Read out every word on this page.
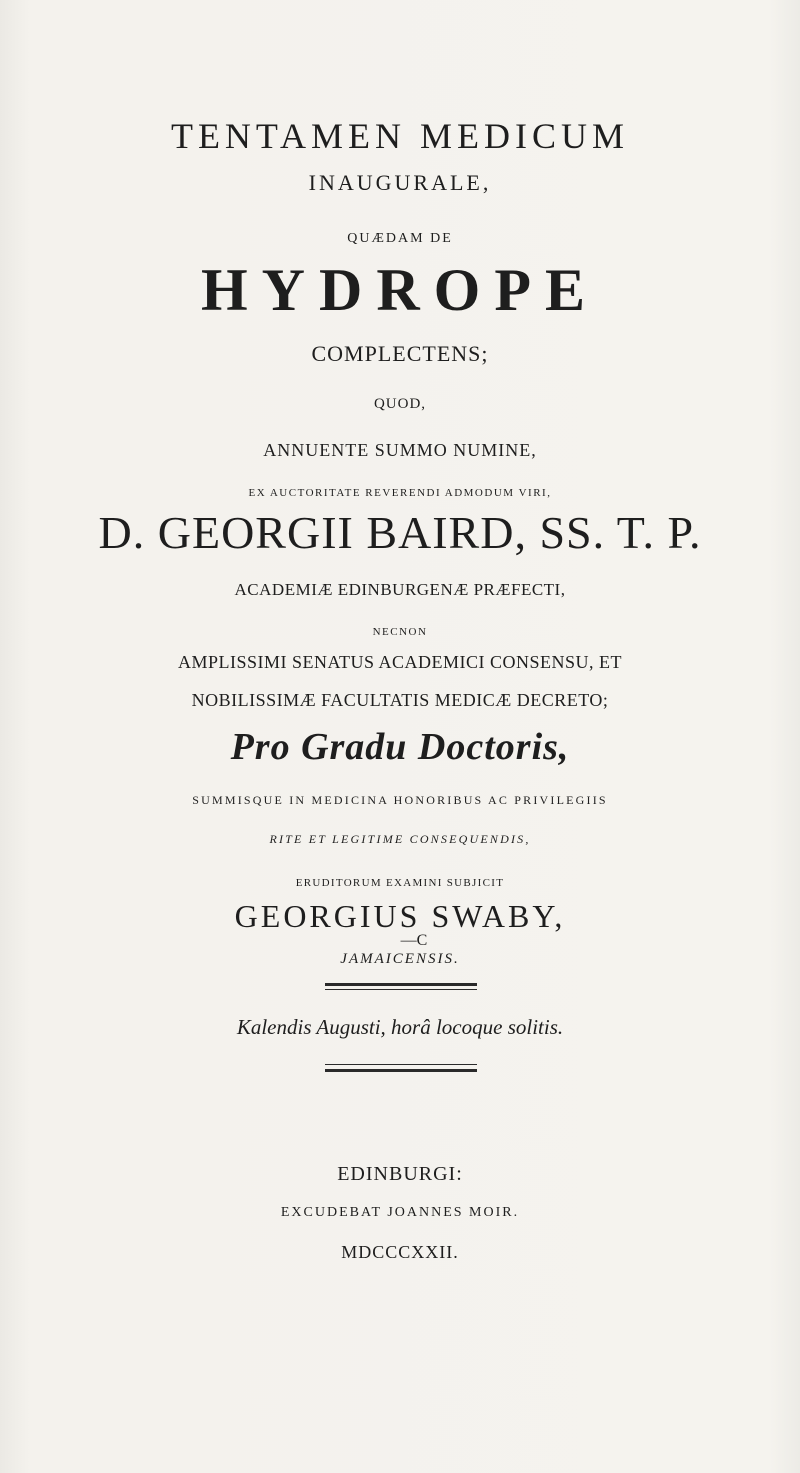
TENTAMEN MEDICUM
INAUGURALE,
QUÆDAM DE
HYDROPE
COMPLECTENS;
QUOD,
ANNUENTE SUMMO NUMINE,
EX AUCTORITATE REVERENDI ADMODUM VIRI,
D. GEORGII BAIRD, SS. T. P.
ACADEMIÆ EDINBURGENÆ PRÆFECTI,
NECNON
AMPLISSIMI SENATUS ACADEMICI CONSENSU, ET
NOBILISSIMÆ FACULTATIS MEDICÆ DECRETO;
Pro Gradu Doctoris,
SUMMISQUE IN MEDICINA HONORIBUS AC PRIVILEGIIS
RITE ET LEGITIME CONSEQUENDIS,
ERUDITORUM EXAMINI SUBJICIT
GEORGIUS SWABY,
—C
JAMAICENSIS.
Kalendis Augusti, horâ locoque solitis.
EDINBURGI:
EXCUDEBAT JOANNES MOIR.
MDCCCXXII.
